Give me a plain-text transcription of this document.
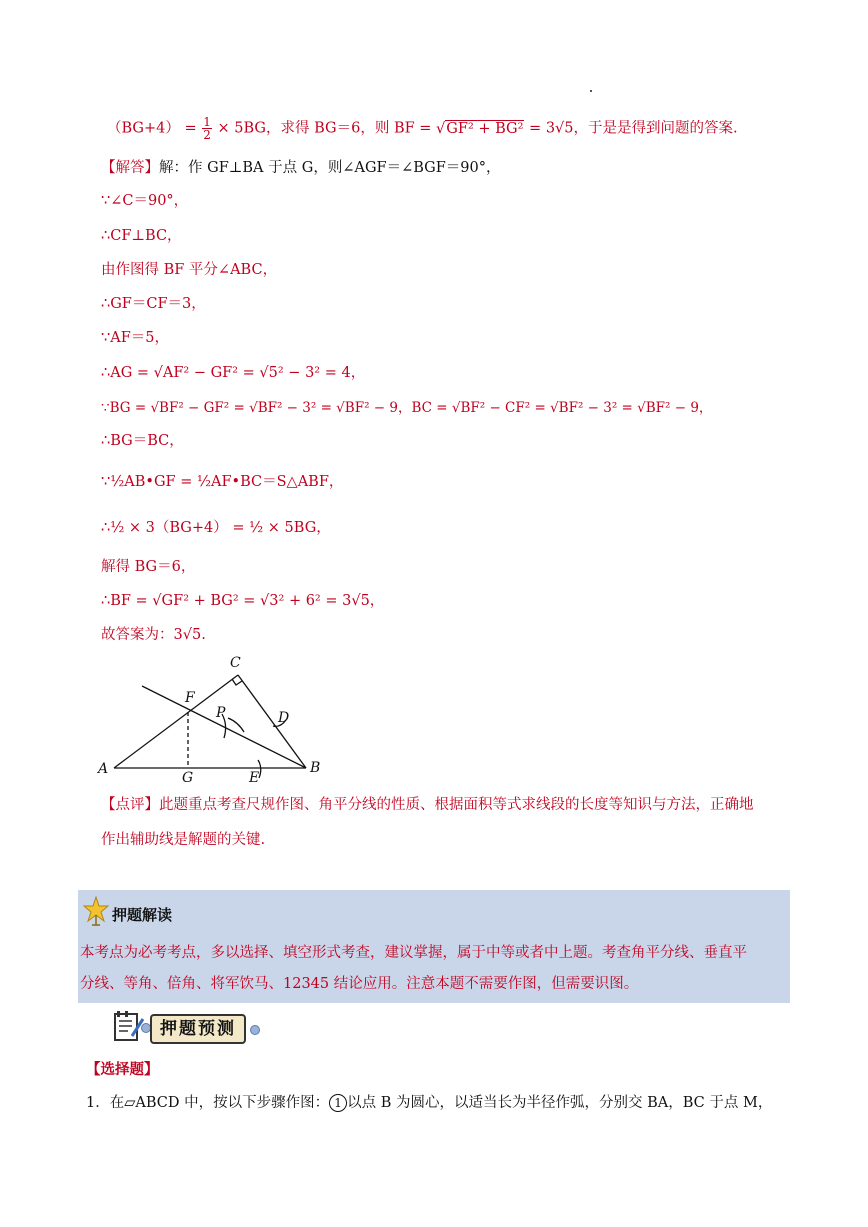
$(BG+4) = \frac{1}{2} \times 5BG$，求得 BG＝6，则 BF = √GF² + BG² = 3√5，于是是得到问题的答案.
【解答】解：作 GF⊥BA 于点 G，则∠AGF＝∠BGF＝90°，
∵∠C＝90°，
∴CF⊥BC，
由作图得 BF 平分∠ABC，
∴GF＝CF＝3，
∵AF＝5，
∴AG = √AF² − GF² = √5² − 3² = 4，
∵BG = √BF² − GF² = √BF² − 3² = √BF² − 9，BC = √BF² − CF² = √BF² − 3² = √BF² − 9，
∴BG＝BC，
∵½AB•GF = ½AF•BC＝S△ABF，
∴½ × 3（BG+4） = ½ × 5BG，
解得 BG＝6，
∴BF = √GF² + BG² = √3² + 6² = 3√5，
故答案为：3√5.
C
F
P	D
A
G	E
B
【点评】此题重点考查尺规作图、角平分线的性质、根据面积等式求线段的长度等知识与方法，正确地
作出辅助线是解题的关键.
押题解读
本考点为必考考点，多以选择、填空形式考查，建议掌握，属于中等或者中上题。考查角平分线、垂直平
分线、等角、倍角、将军饮马、12345 结论应用。注意本题不需要作图，但需要识图。
押题预测
【选择题】
1．在▱ABCD 中，按以下步骤作图： 1 以点 B 为圆心，以适当长为半径作弧，分别交 BA，BC 于点 M，
